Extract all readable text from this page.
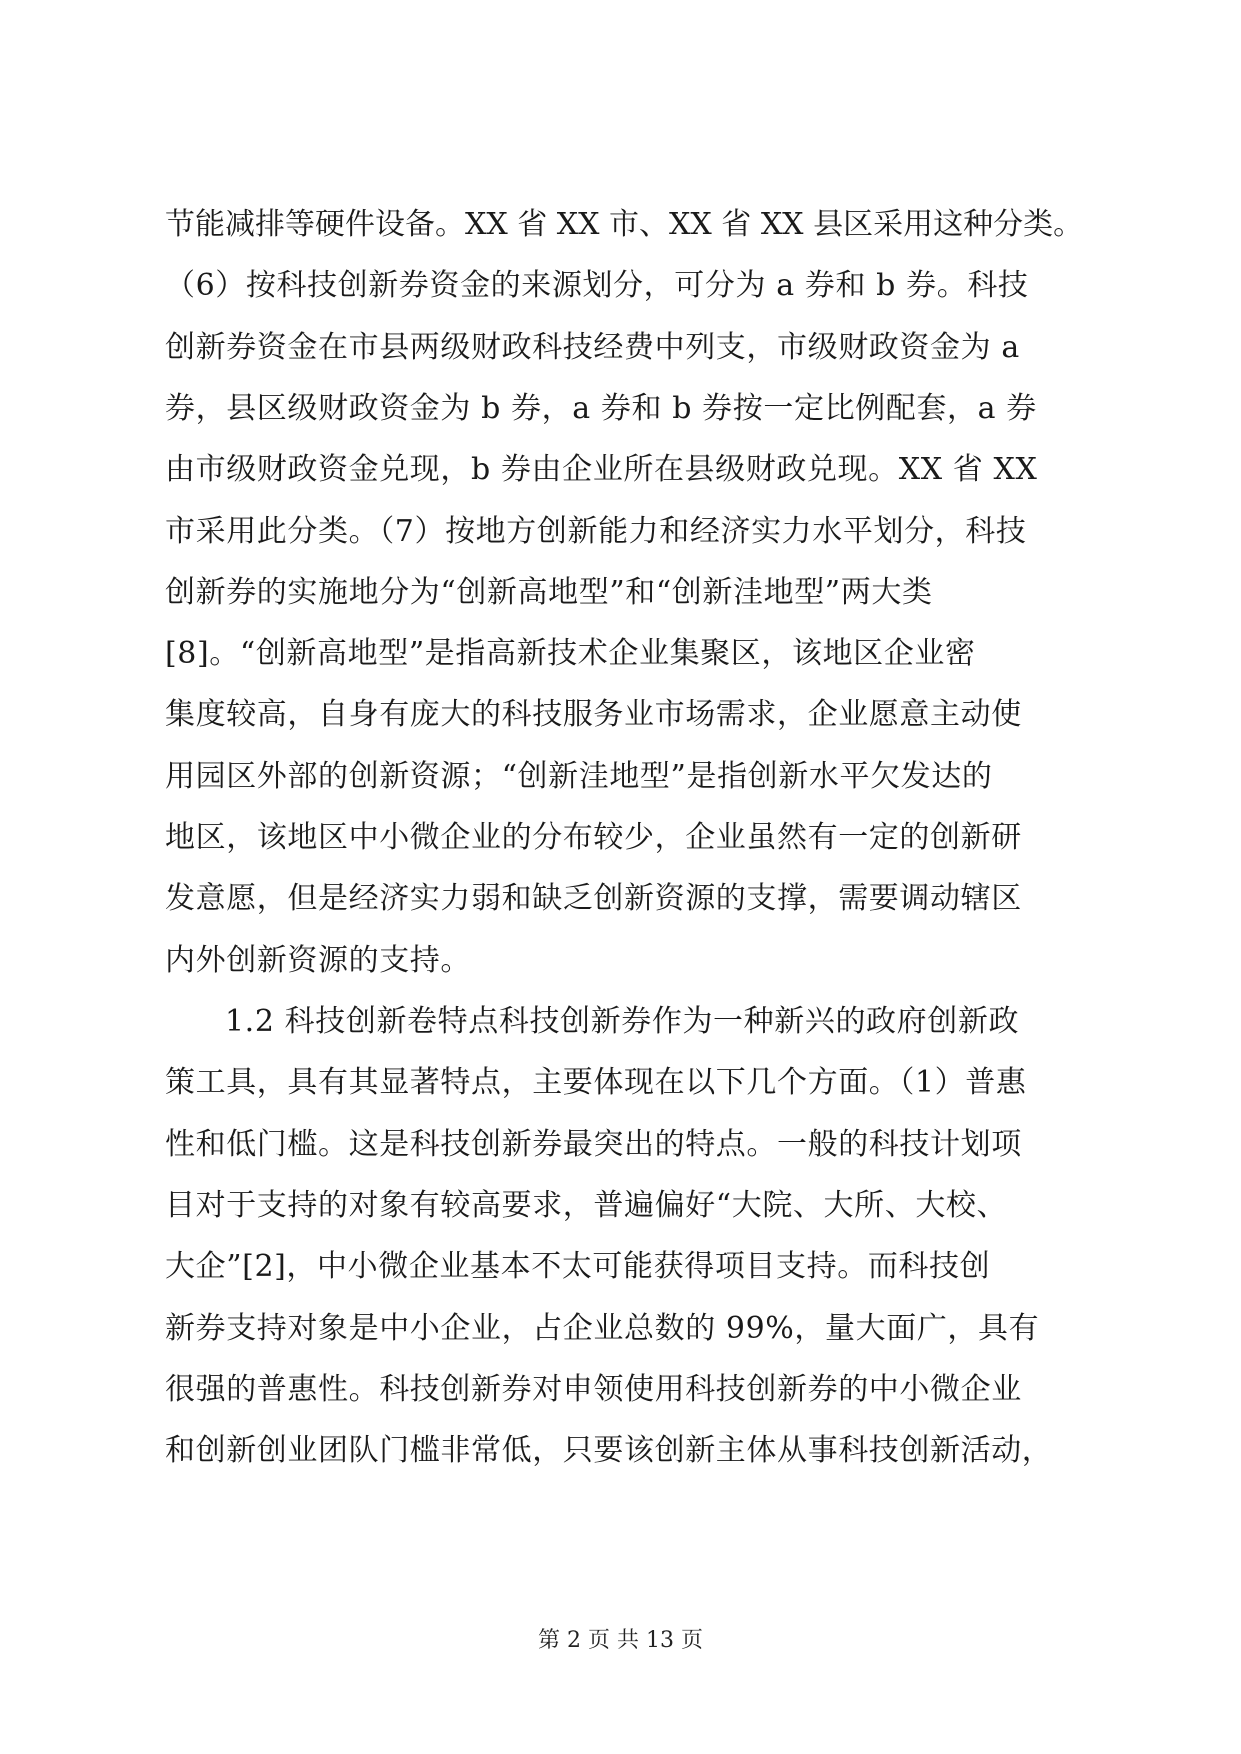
节能减排等硬件设备。XX 省 XX 市、XX 省 XX 县区采用这种分类。
（6）按科技创新券资金的来源划分，可分为 a 券和 b 券。科技
创新券资金在市县两级财政科技经费中列支，市级财政资金为 a
券，县区级财政资金为 b 券，a 券和 b 券按一定比例配套，a 券
由市级财政资金兑现，b 券由企业所在县级财政兑现。XX 省 XX
市采用此分类。（7）按地方创新能力和经济实力水平划分，科技
创新券的实施地分为“创新高地型”和“创新洼地型”两大类
[8]。“创新高地型”是指高新技术企业集聚区，该地区企业密
集度较高，自身有庞大的科技服务业市场需求，企业愿意主动使
用园区外部的创新资源；“创新洼地型”是指创新水平欠发达的
地区，该地区中小微企业的分布较少，企业虽然有一定的创新研
发意愿，但是经济实力弱和缺乏创新资源的支撑，需要调动辖区
内外创新资源的支持。
1.2 科技创新卷特点科技创新券作为一种新兴的政府创新政
策工具，具有其显著特点，主要体现在以下几个方面。（1）普惠
性和低门槛。这是科技创新券最突出的特点。一般的科技计划项
目对于支持的对象有较高要求，普遍偏好“大院、大所、大校、
大企”[2]，中小微企业基本不太可能获得项目支持。而科技创
新券支持对象是中小企业，占企业总数的 99%，量大面广，具有
很强的普惠性。科技创新券对申领使用科技创新券的中小微企业
和创新创业团队门槛非常低，只要该创新主体从事科技创新活动，
第 2 页 共 13 页
